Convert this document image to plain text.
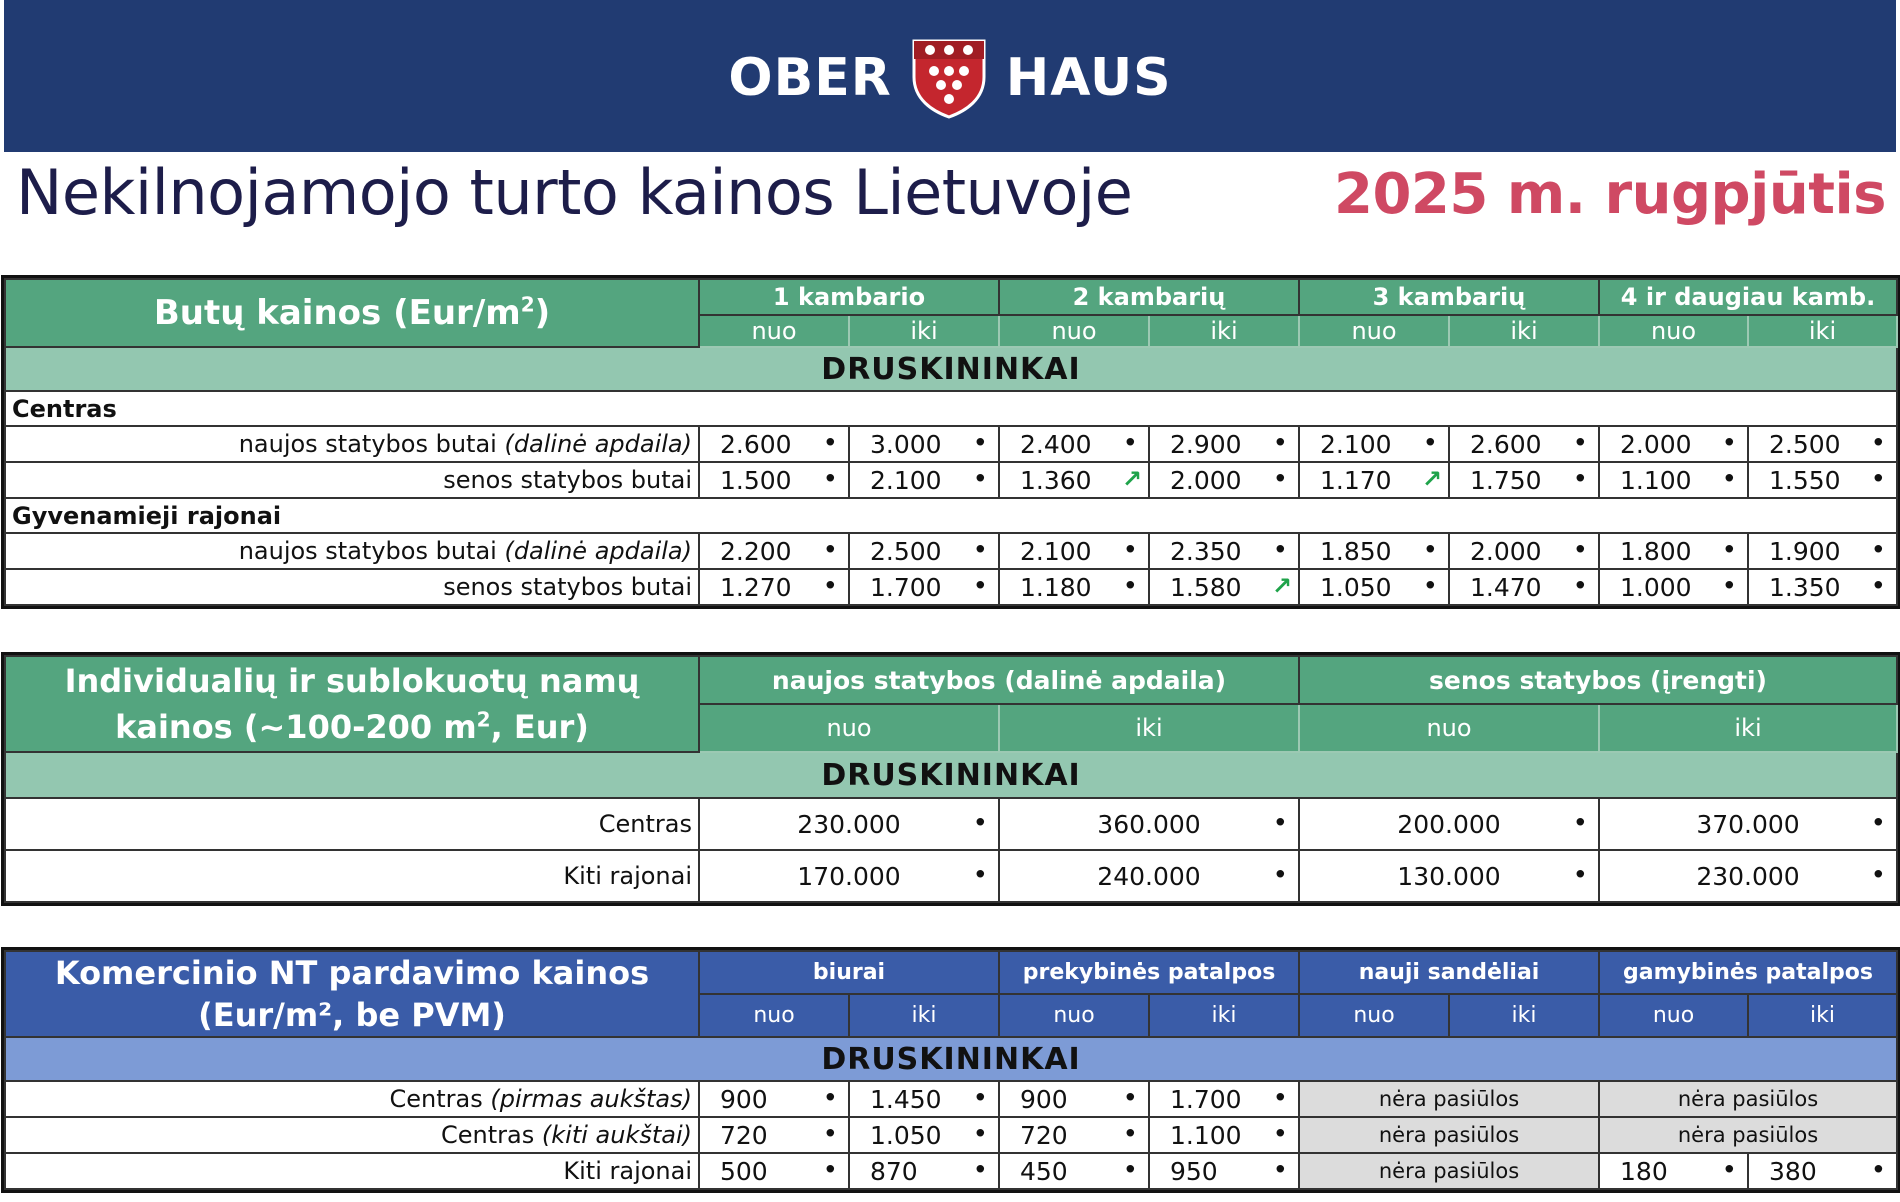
OBER HAUS
Nekilnojamojo turto kainos Lietuvoje	2025 m. rugpjūtis
Butų kainos $(Eur/m^2)$	1 kambario		2 kambarių		3 kambarių		4 ir daugiau kamb.	
	nuo	iki	nuo	iki	nuo	iki	nuo	iki
DRUSKININKAI								
Centras								
naujos statybos butai (dalinė apdaila)	2.600 •	3.000 •	2.400 •	2.900 •	2.100 •	2.600 •	2.000 •	2.500 •

senos statybos butai	1.500 •	2.100 •	1.360 ↗	2.000 •	1.170 ↗	1.750 •	1.100 •	1.550 •

Gyvenamieji rajonai								
naujos statybos butai (dalinė apdaila)	2.200 •	2.500 •	2.100 •	2.350 •	1.850 •	2.000 •	1.800 •	1.900 •

senos statybos butai	1.270 •	1.700 •	1.180 •	1.580 ↗	1.050 •	1.470 •	1.000 •	1.350 •
Individualių ir sublokuotų namų
kainos (~100-200 $m^2$, Eur)	naujos statybos (dalinė apdaila)		senos statybos (įrengti)	
	nuo	iki	nuo	iki
DRUSKININKAI				
Centras	230.000 •	360.000 •	200.000 •	370.000 •

Kiti rajonai	170.000 •	240.000 •	130.000 •	230.000 •
Komercinio NT pardavimo kainos
(Eur/m², be PVM)	biurai		prekybinės patalpos		nauji sandėliai		gamybinės patalpos	
	nuo	iki	nuo	iki	nuo	iki	nuo	iki
DRUSKININKAI								
Centras (pirmas aukštas)	900 •	1.450 •	900 •	1.700 •	nėra pasiūlos		nėra pasiūlos	
Centras (kiti aukštai)	720 •	1.050 •	720 •	1.100 •	nėra pasiūlos		nėra pasiūlos	
Kiti rajonai	500 •	870 •	450 •	950 •	nėra pasiūlos		180 •	380 •
